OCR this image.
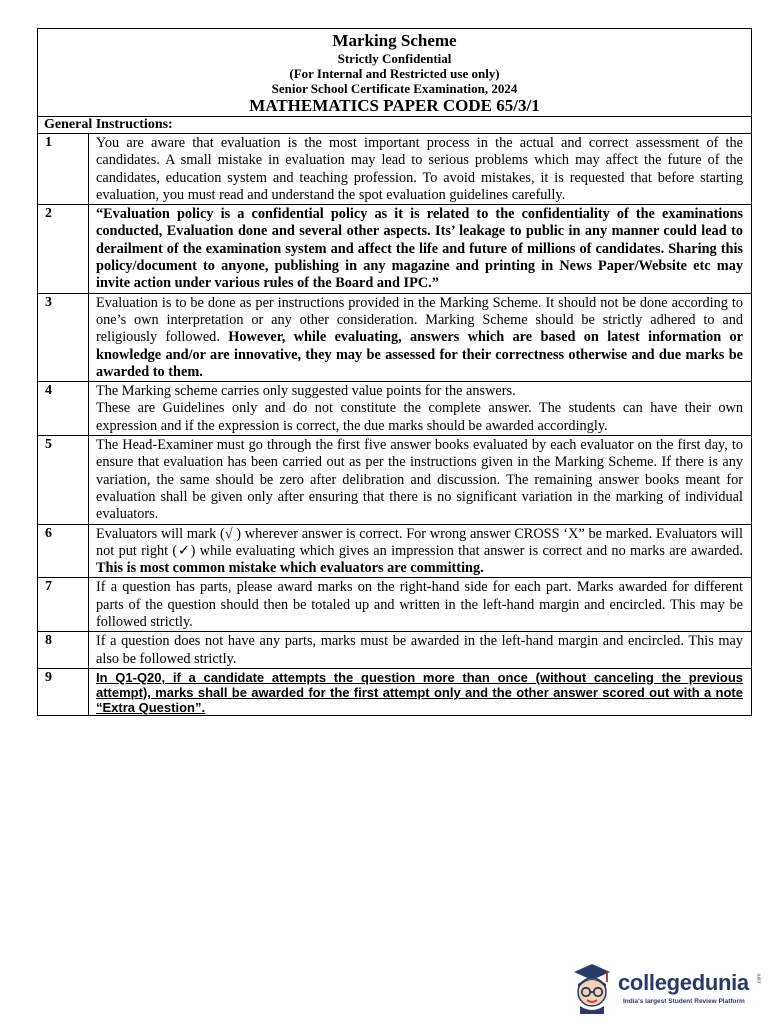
Marking Scheme
Strictly Confidential
(For Internal and Restricted use only)
Senior School Certificate Examination, 2024
MATHEMATICS PAPER CODE 65/3/1
General Instructions:
1	You are aware that evaluation is the most important process in the actual and correct assessment of the candidates. A small mistake in evaluation may lead to serious problems which may affect the future of the candidates, education system and teaching profession. To avoid mistakes, it is requested that before starting evaluation, you must read and understand the spot evaluation guidelines carefully.

2	“Evaluation policy is a confidential policy as it is related to the confidentiality of the examinations conducted, Evaluation done and several other aspects. Its’ leakage to public in any manner could lead to derailment of the examination system and affect the life and future of millions of candidates. Sharing this policy/document to anyone, publishing in any magazine and printing in News Paper/Website etc may invite action under various rules of the Board and IPC.”

3	Evaluation is to be done as per instructions provided in the Marking Scheme. It should not be done according to one’s own interpretation or any other consideration. Marking Scheme should be strictly adhered to and religiously followed. However, while evaluating, answers which are based on latest information or knowledge and/or are innovative, they may be assessed for their correctness otherwise and due marks be awarded to them.

4	The Marking scheme carries only suggested value points for the answers.

These are Guidelines only and do not constitute the complete answer. The students can have their own expression and if the expression is correct, the due marks should be awarded accordingly.

5	The Head-Examiner must go through the first five answer books evaluated by each evaluator on the first day, to ensure that evaluation has been carried out as per the instructions given in the Marking Scheme. If there is any variation, the same should be zero after delibration and discussion. The remaining answer books meant for evaluation shall be given only after ensuring that there is no significant variation in the marking of individual evaluators.

6	Evaluators will mark (√ ) wherever answer is correct. For wrong answer CROSS ‘X” be marked. Evaluators will not put right (✓) while evaluating which gives an impression that answer is correct and no marks are awarded. This is most common mistake which evaluators are committing.

7	If a question has parts, please award marks on the right-hand side for each part. Marks awarded for different parts of the question should then be totaled up and written in the left-hand margin and encircled. This may be followed strictly.

8	If a question does not have any parts, marks must be awarded in the left-hand margin and encircled. This may also be followed strictly.

9	In Q1-Q20, if a candidate attempts the question more than once (without canceling the previous attempt), marks shall be awarded for the first attempt only and the other answer scored out with a note “Extra Question”.

collegedunia .com
India's largest Student Review Platform
